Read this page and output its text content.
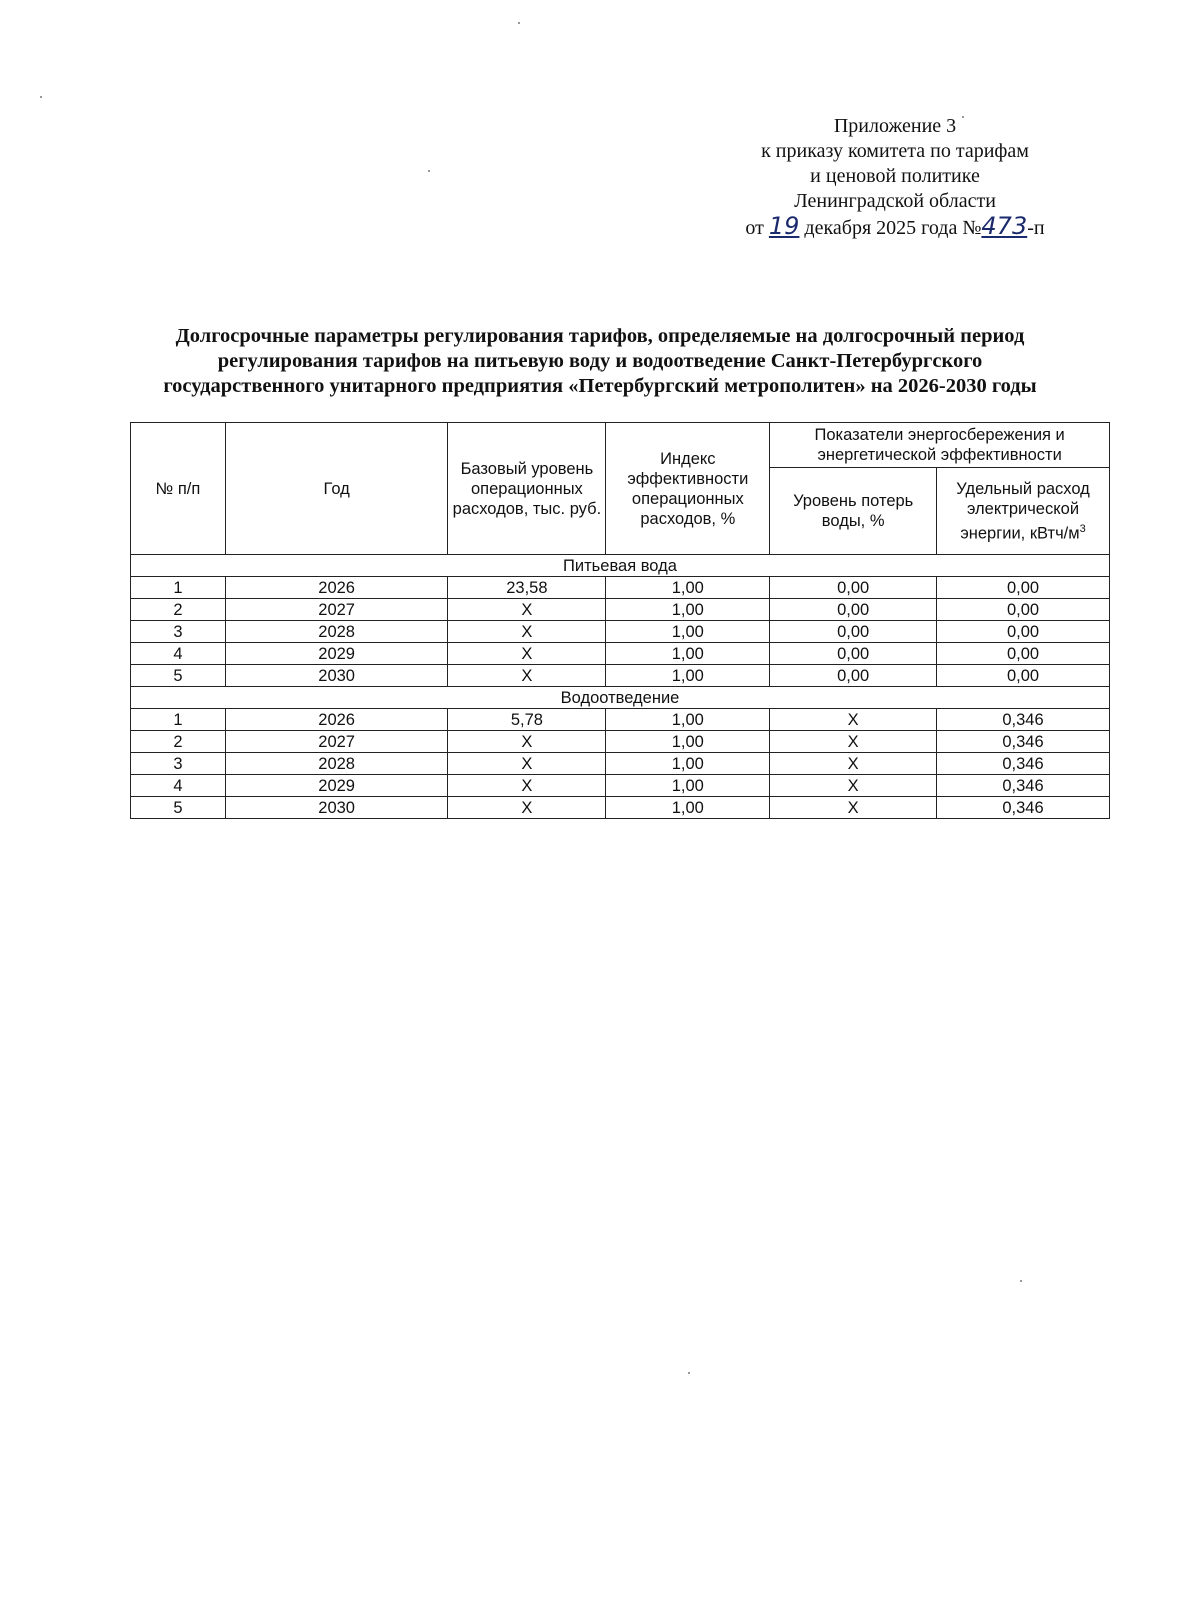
Приложение 3
к приказу комитета по тарифам
и ценовой политике
Ленинградской области
от 19 декабря 2025 года №473-п
Долгосрочные параметры регулирования тарифов, определяемые на долгосрочный период
регулирования тарифов на питьевую воду и водоотведение Санкт-Петербургского
государственного унитарного предприятия «Петербургский метрополитен» на 2026-2030 годы
№ п/п	Год	Базовый уровень операционных расходов, тыс. руб.	Индекс эффективности операционных расходов, %	Показатели энергосбережения и энергетической эффективности	
				Уровень потерь воды, %	Удельный расход электрической энергии, кВтч/$м^3$
Питьевая вода					
1	2026	23,58	1,00	0,00	0,00
2	2027	Х	1,00	0,00	0,00
3	2028	Х	1,00	0,00	0,00
4	2029	Х	1,00	0,00	0,00
5	2030	Х	1,00	0,00	0,00
Водоотведение					
1	2026	5,78	1,00	Х	0,346
2	2027	Х	1,00	Х	0,346
3	2028	Х	1,00	Х	0,346
4	2029	Х	1,00	Х	0,346
5	2030	Х	1,00	Х	0,346
